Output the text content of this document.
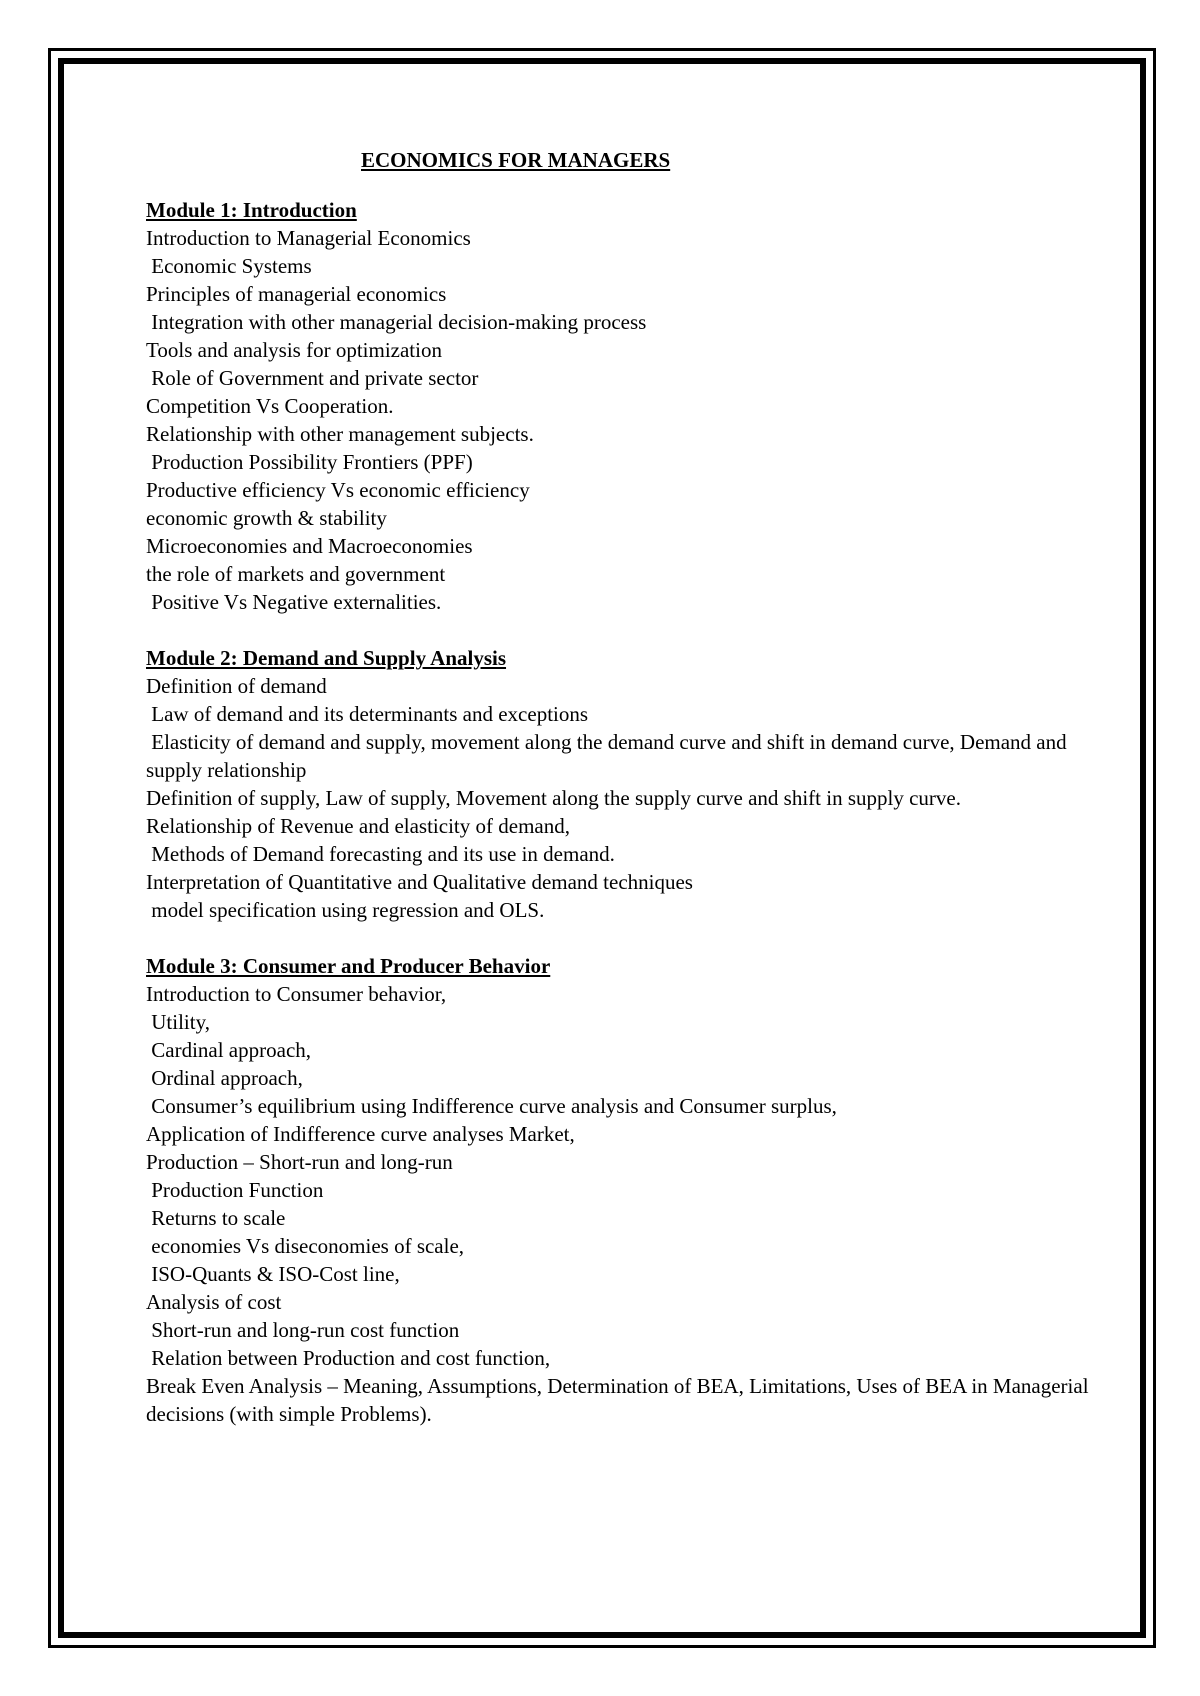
ECONOMICS FOR MANAGERS
Module 1: Introduction
Introduction to Managerial Economics
Economic Systems
Principles of managerial economics
Integration with other managerial decision-making process
Tools and analysis for optimization
Role of Government and private sector
Competition Vs Cooperation.
Relationship with other management subjects.
Production Possibility Frontiers (PPF)
Productive efficiency Vs economic efficiency
economic growth & stability
Microeconomies and Macroeconomies
the role of markets and government
Positive Vs Negative externalities.
Module 2: Demand and Supply Analysis
Definition of demand
Law of demand and its determinants and exceptions
Elasticity of demand and supply, movement along the demand curve and shift in demand curve, Demand and supply relationship
Definition of supply, Law of supply, Movement along the supply curve and shift in supply curve.
Relationship of Revenue and elasticity of demand,
Methods of Demand forecasting and its use in demand.
Interpretation of Quantitative and Qualitative demand techniques
model specification using regression and OLS.
Module 3: Consumer and Producer Behavior
Introduction to Consumer behavior,
Utility,
Cardinal approach,
Ordinal approach,
Consumer’s equilibrium using Indifference curve analysis and Consumer surplus,
Application of Indifference curve analyses Market,
Production – Short-run and long-run
Production Function
Returns to scale
economies Vs diseconomies of scale,
ISO-Quants & ISO-Cost line,
Analysis of cost
Short-run and long-run cost function
Relation between Production and cost function,
Break Even Analysis – Meaning, Assumptions, Determination of BEA, Limitations, Uses of BEA in Managerial decisions (with simple Problems).
